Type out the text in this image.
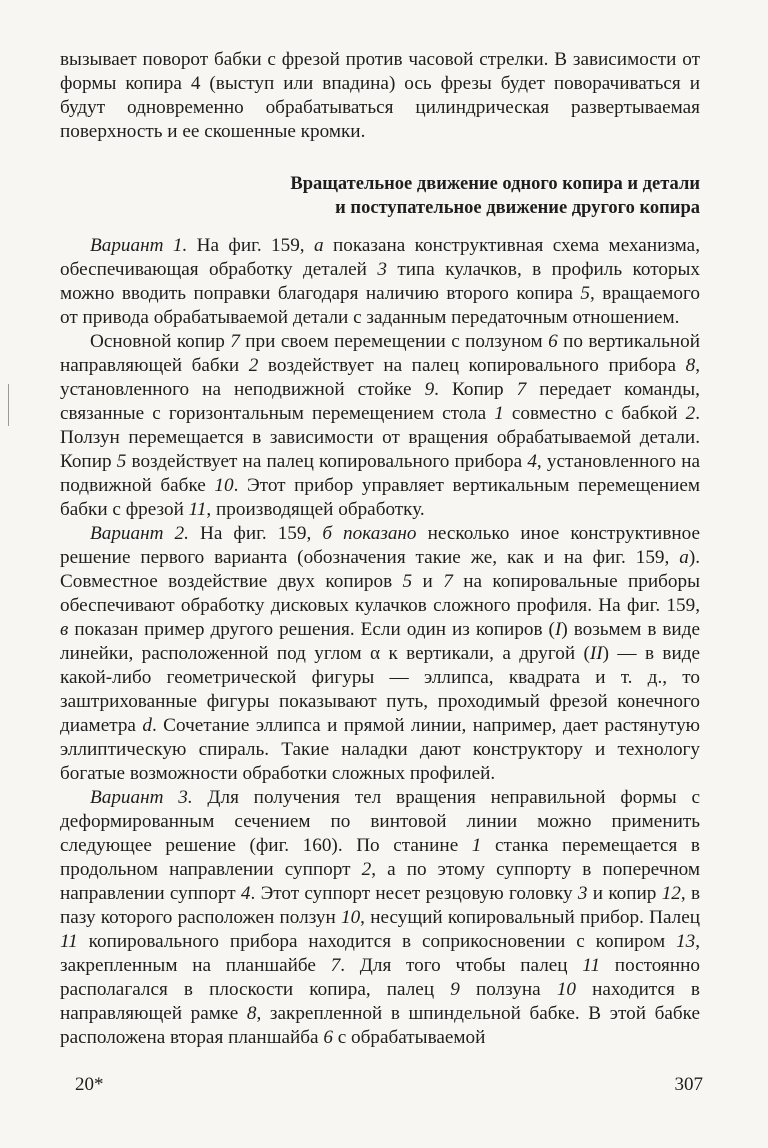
вызывает поворот бабки с фрезой против часовой стрелки. В зависимости от формы копира 4 (выступ или впадина) ось фрезы будет поворачиваться и будут одновременно обрабатываться цилиндрическая развертываемая поверхность и ее скошенные кромки.

Вращательное движение одного копира и детали
и поступательное движение другого копира

Вариант 1. На фиг. 159, а показана конструктивная схема механизма, обеспечивающая обработку деталей 3 типа кулачков, в профиль которых можно вводить поправки благодаря наличию второго копира 5, вращаемого от привода обрабатываемой детали с заданным передаточным отношением.

Основной копир 7 при своем перемещении с ползуном 6 по вертикальной направляющей бабки 2 воздействует на палец копировального прибора 8, установленного на неподвижной стойке 9. Копир 7 передает команды, связанные с горизонтальным перемещением стола 1 совместно с бабкой 2. Ползун перемещается в зависимости от вращения обрабатываемой детали. Копир 5 воздействует на палец копировального прибора 4, установленного на подвижной бабке 10. Этот прибор управляет вертикальным перемещением бабки с фрезой 11, производящей обработку.

Вариант 2. На фиг. 159, б показано несколько иное конструктивное решение первого варианта (обозначения такие же, как и на фиг. 159, а). Совместное воздействие двух копиров 5 и 7 на копировальные приборы обеспечивают обработку дисковых кулачков сложного профиля. На фиг. 159, в показан пример другого решения. Если один из копиров (I) возьмем в виде линейки, расположенной под углом α к вертикали, а другой (II) — в виде какой-либо геометрической фигуры — эллипса, квадрата и т. д., то заштрихованные фигуры показывают путь, проходимый фрезой конечного диаметра d. Сочетание эллипса и прямой линии, например, дает растянутую эллиптическую спираль. Такие наладки дают конструктору и технологу богатые возможности обработки сложных профилей.

Вариант 3. Для получения тел вращения неправильной формы с деформированным сечением по винтовой линии можно применить следующее решение (фиг. 160). По станине 1 станка перемещается в продольном направлении суппорт 2, а по этому суппорту в поперечном направлении суппорт 4. Этот суппорт несет резцовую головку 3 и копир 12, в пазу которого расположен ползун 10, несущий копировальный прибор. Палец 11 копировального прибора находится в соприкосновении с копиром 13, закрепленным на планшайбе 7. Для того чтобы палец 11 постоянно располагался в плоскости копира, палец 9 ползуна 10 находится в направляющей рамке 8, закрепленной в шпиндельной бабке. В этой бабке расположена вторая планшайба 6 с обрабатываемой

20*	307
